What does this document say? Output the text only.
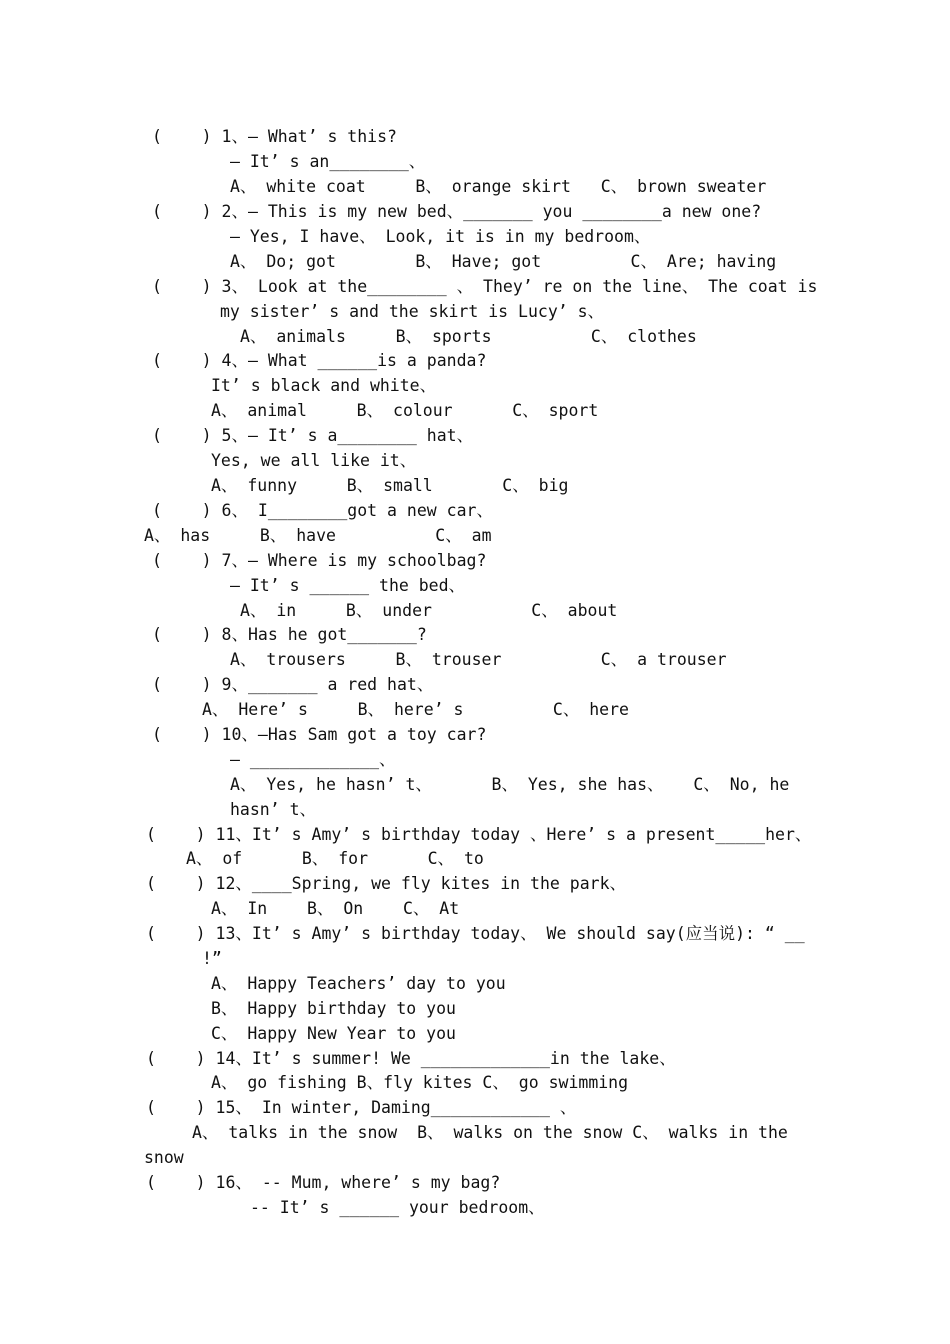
(    ) 1、— What’ s this?
— It’ s an________、
A、 white coat     B、 orange skirt   C、 brown sweater
(    ) 2、— This is my new bed、_______ you ________a new one?
— Yes, I have、 Look, it is in my bedroom、
A、 Do; got        B、 Have; got         C、 Are; having
(    ) 3、 Look at the________ 、 They’ re on the line、 The coat is
my sister’ s and the skirt is Lucy’ s、
A、 animals     B、 sports          C、 clothes
(    ) 4、— What ______is a panda?
It’ s black and white、
A、 animal     B、 colour      C、 sport
(    ) 5、— It’ s a________ hat、
Yes, we all like it、
A、 funny     B、 small       C、 big
(    ) 6、 I________got a new car、
A、 has     B、 have          C、 am
(    ) 7、— Where is my schoolbag?
— It’ s ______ the bed、
A、 in     B、 under          C、 about
(    ) 8、Has he got_______?
A、 trousers     B、 trouser          C、 a trouser
(    ) 9、_______ a red hat、
A、 Here’ s     B、 here’ s         C、 here
(    ) 10、—Has Sam got a toy car?
— _____________、
A、 Yes, he hasn’ t、      B、 Yes, she has、   C、 No, he
hasn’ t、
(    ) 11、It’ s Amy’ s birthday today 、Here’ s a present_____her、
A、 of      B、 for      C、 to
(    ) 12、____Spring, we fly kites in the park、
A、 In    B、 On    C、 At
(    ) 13、It’ s Amy’ s birthday today、 We should say(应当说): “ __
!”
A、 Happy Teachers’ day to you
B、 Happy birthday to you
C、 Happy New Year to you
(    ) 14、It’ s summer! We _____________in the lake、
A、 go fishing B、fly kites C、 go swimming
(    ) 15、 In winter, Daming____________ 、
A、 talks in the snow  B、 walks on the snow C、 walks in the
snow
(    ) 16、 -- Mum, where’ s my bag?
-- It’ s ______ your bedroom、
